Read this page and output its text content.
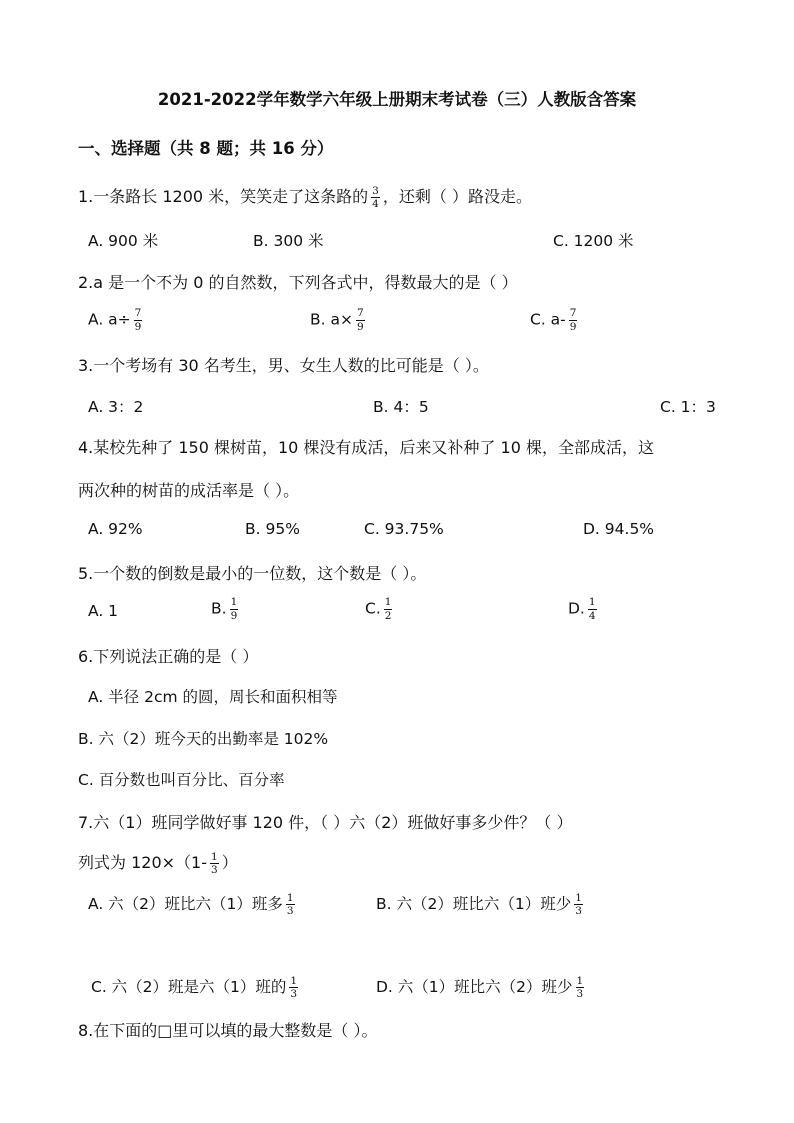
2021-2022学年数学六年级上册期末考试卷（三）人教版含答案
一、选择题（共 8 题；共 16 分）
1.一条路长 1200 米，笑笑走了这条路的 $\frac{3}{4}$ ，还剩（ ）路没走。
A. 900 米	B. 300 米	C. 1200 米
2.a 是一个不为 0 的自然数，下列各式中，得数最大的是（ ）
A. $a\div \frac{7}{9}$	B. $a\times \frac{7}{9}$	C. $a- \frac{7}{9}$
3.一个考场有 30 名考生，男、女生人数的比可能是（ ）。
A. 3：2	B. 4：5	C. 1：3
4.某校先种了 150 棵树苗，10 棵没有成活，后来又补种了 10 棵，全部成活，这
两次种的树苗的成活率是（ ）。
A. 92%	B. 95%	C. 93.75%	D. 94.5%
5.一个数的倒数是最小的一位数，这个数是（ ）。
A. 1	B. $\frac{1}{9}$	C. $\frac{1}{2}$	D. $\frac{1}{4}$
6.下列说法正确的是（ ）
A. 半径 2cm 的圆，周长和面积相等
B. 六（2）班今天的出勤率是 102%
C. 百分数也叫百分比、百分率
7.六（1）班同学做好事 120 件，（ ）六（2）班做好事多少件？（ ）
列式为 $120\times(1- \frac{1}{3}$ ）
A. 六（2）班比六（1）班多 $\frac{1}{3}$	B. 六（2）班比六（1）班少 $\frac{1}{3}$
C. 六（2）班是六（1）班的 $\frac{1}{3}$	D. 六（1）班比六（2）班少 $\frac{1}{3}$
8.在下面的□里可以填的最大整数是（ ）。
